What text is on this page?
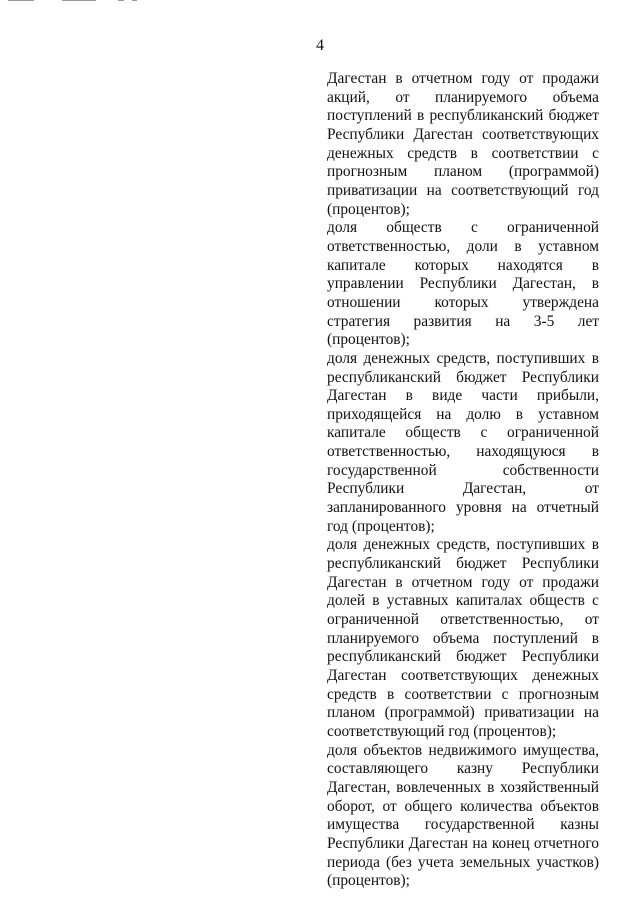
4

Дагестан в отчетном году от продажи акций, от планируемого объема поступлений в республиканский бюджет Республики Дагестан соответствующих денежных средств в соответствии с прогнозным планом (программой) приватизации на соответствующий год (процентов);

доля обществ с ограниченной ответственностью, доли в уставном капитале которых находятся в управлении Республики Дагестан, в отношении которых утверждена стратегия развития на 3-5 лет (процентов);

доля денежных средств, поступивших в республиканский бюджет Республики Дагестан в виде части прибыли, приходящейся на долю в уставном капитале обществ с ограниченной ответственностью, находящуюся в государственной собственности Республики Дагестан, от запланированного уровня на отчетный год (процентов);

доля денежных средств, поступивших в республиканский бюджет Республики Дагестан в отчетном году от продажи долей в уставных капиталах обществ с ограниченной ответственностью, от планируемого объема поступлений в республиканский бюджет Республики Дагестан соответствующих денежных средств в соответствии с прогнозным планом (программой) приватизации на соответствующий год (процентов);

доля объектов недвижимого имущества, составляющего казну Республики Дагестан, вовлеченных в хозяйственный оборот, от общего количества объектов имущества государственной казны Республики Дагестан на конец отчетного периода (без учета земельных участков) (процентов);
